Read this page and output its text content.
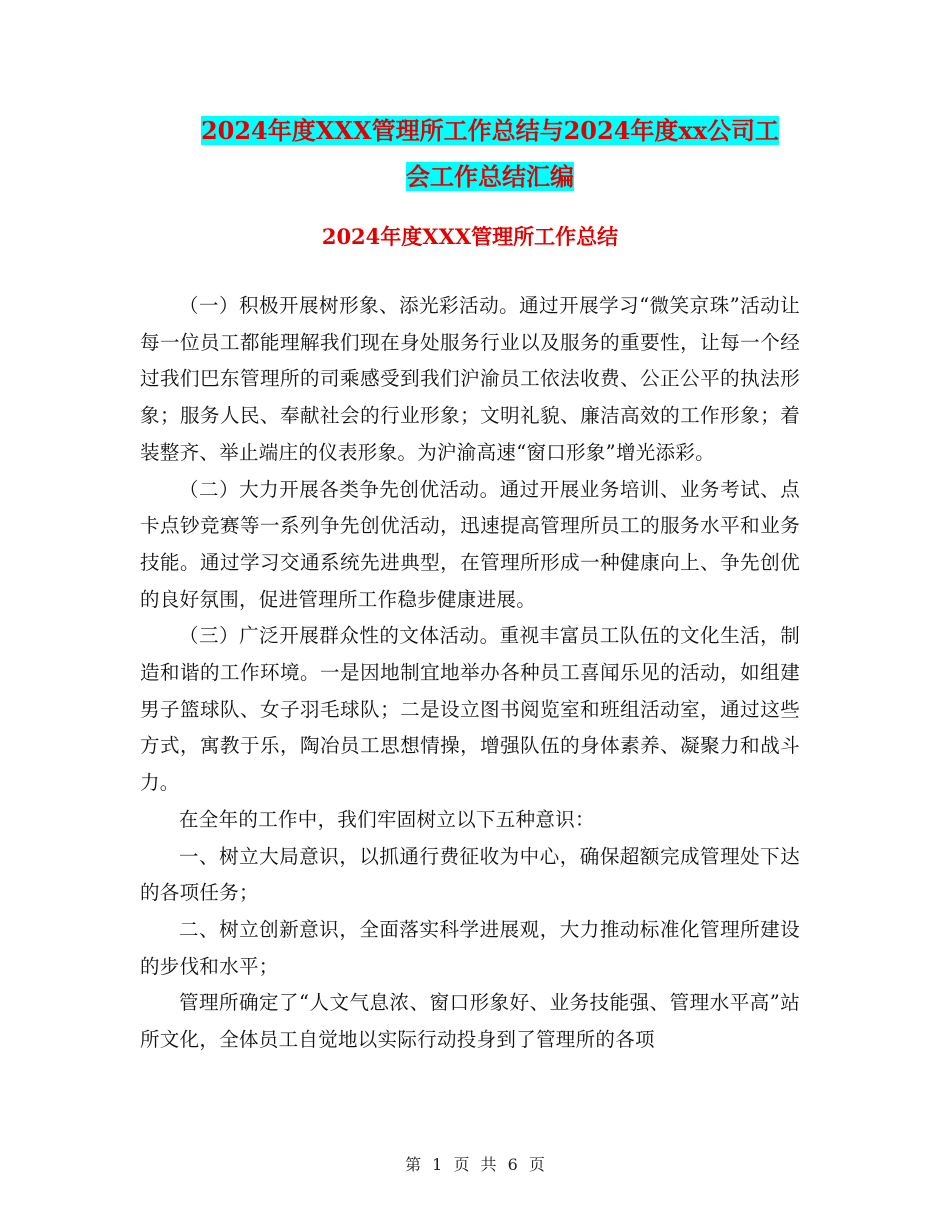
2024年度XXX管理所工作总结与2024年度xx公司工
会工作总结汇编
2024年度XXX管理所工作总结

（一）积极开展树形象、添光彩活动。通过开展学习“微笑京珠”活动让每一位员工都能理解我们现在身处服务行业以及服务的重要性，让每一个经过我们巴东管理所的司乘感受到我们沪渝员工依法收费、公正公平的执法形象；服务人民、奉献社会的行业形象；文明礼貌、廉洁高效的工作形象；着装整齐、举止端庄的仪表形象。为沪渝高速“窗口形象”增光添彩。

（二）大力开展各类争先创优活动。通过开展业务培训、业务考试、点卡点钞竞赛等一系列争先创优活动，迅速提高管理所员工的服务水平和业务技能。通过学习交通系统先进典型，在管理所形成一种健康向上、争先创优的良好氛围，促进管理所工作稳步健康进展。

（三）广泛开展群众性的文体活动。重视丰富员工队伍的文化生活，制造和谐的工作环境。一是因地制宜地举办各种员工喜闻乐见的活动，如组建男子篮球队、女子羽毛球队；二是设立图书阅览室和班组活动室，通过这些方式，寓教于乐，陶冶员工思想情操，增强队伍的身体素养、凝聚力和战斗力。

在全年的工作中，我们牢固树立以下五种意识：

一、树立大局意识，以抓通行费征收为中心，确保超额完成管理处下达的各项任务；

二、树立创新意识，全面落实科学进展观，大力推动标准化管理所建设的步伐和水平；

管理所确定了“人文气息浓、窗口形象好、业务技能强、管理水平高”站所文化，全体员工自觉地以实际行动投身到了管理所的各项

第 1 页 共 6 页
